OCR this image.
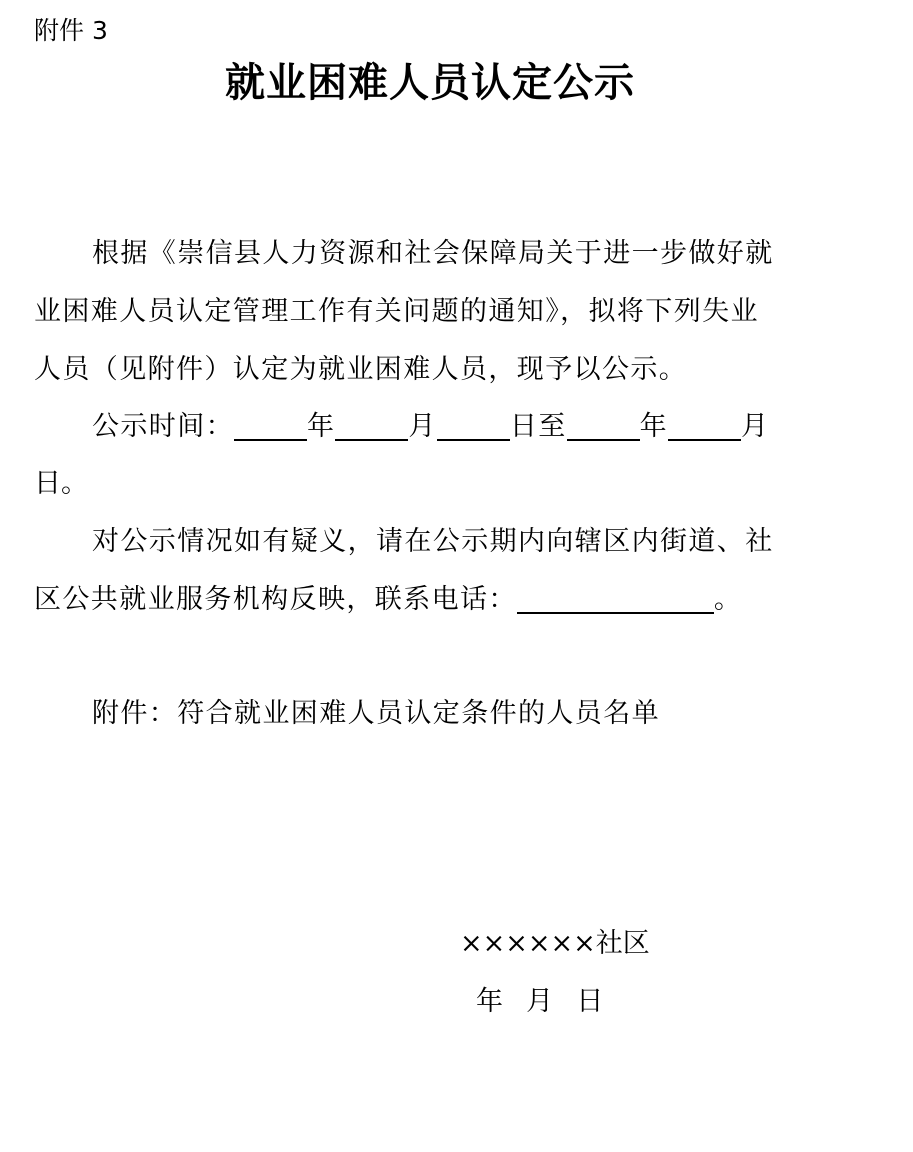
附件 3
就业困难人员认定公示
根据《崇信县人力资源和社会保障局关于进一步做好就
业困难人员认定管理工作有关问题的通知》，拟将下列失业
人员（见附件）认定为就业困难人员，现予以公示。
公示时间：	年	月	日至	年	月
日。
对公示情况如有疑义，请在公示期内向辖区内街道、社
区公共就业服务机构反映，联系电话：	。
附件：符合就业困难人员认定条件的人员名单
××××××社区
年  月  日
